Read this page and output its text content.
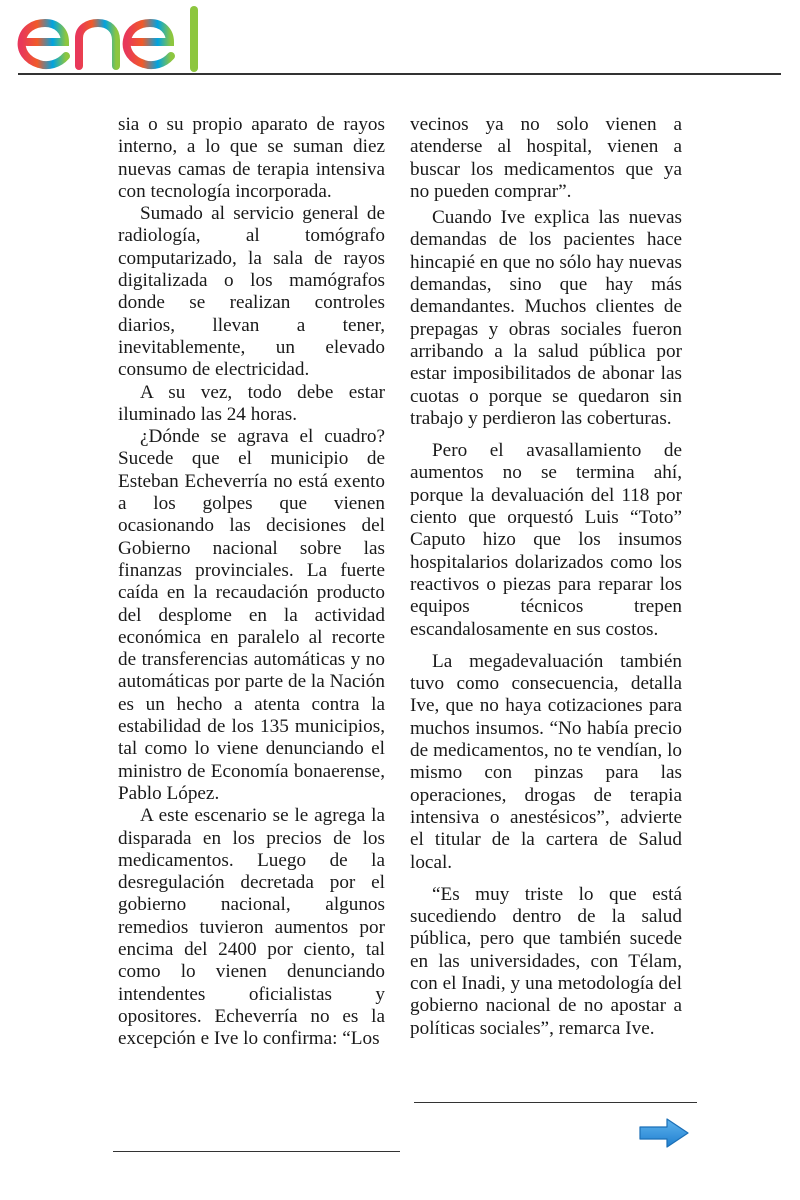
sia o su propio aparato de rayos interno, a lo que se suman diez nuevas camas de terapia intensiva con tecnología incorporada.

Sumado al servicio general de radiología, al tomógrafo computarizado, la sala de rayos digitalizada o los mamógrafos donde se realizan controles diarios, llevan a tener, inevitablemente, un elevado consumo de electricidad.

A su vez, todo debe estar iluminado las 24 horas.

¿Dónde se agrava el cuadro? Sucede que el municipio de Esteban Echeverría no está exento a los golpes que vienen ocasionando las decisiones del Gobierno nacional sobre las finanzas provinciales. La fuerte caída en la recaudación producto del desplome en la actividad económica en paralelo al recorte de transferencias automáticas y no automáticas por parte de la Nación es un hecho a atenta contra la estabilidad de los 135 municipios, tal como lo viene denunciando el ministro de Economía bonaerense, Pablo López.

A este escenario se le agrega la disparada en los precios de los medicamentos. Luego de la desregulación decretada por el gobierno nacional, algunos remedios tuvieron aumentos por encima del 2400 por ciento, tal como lo vienen denunciando intendentes oficialistas y opositores. Echeverría no es la excepción e Ive lo confirma: “Los

vecinos ya no solo vienen a atenderse al hospital, vienen a buscar los medicamentos que ya no pueden comprar”.

Cuando Ive explica las nuevas demandas de los pacientes hace hincapié en que no sólo hay nuevas demandas, sino que hay más demandantes. Muchos clientes de prepagas y obras sociales fueron arribando a la salud pública por estar imposibilitados de abonar las cuotas o porque se quedaron sin trabajo y perdieron las coberturas.

Pero el avasallamiento de aumentos no se termina ahí, porque la devaluación del 118 por ciento que orquestó Luis “Toto” Caputo hizo que los insumos hospitalarios dolarizados como los reactivos o piezas para reparar los equipos técnicos trepen escandalosamente en sus costos.

La megadevaluación también tuvo como consecuencia, detalla Ive, que no haya cotizaciones para muchos insumos. “No había precio de medicamentos, no te vendían, lo mismo con pinzas para las operaciones, drogas de terapia intensiva o anestésicos”, advierte el titular de la cartera de Salud local.

“Es muy triste lo que está sucediendo dentro de la salud pública, pero que también sucede en las universidades, con Télam, con el Inadi, y una metodología del gobierno nacional de no apostar a políticas sociales”, remarca Ive.
